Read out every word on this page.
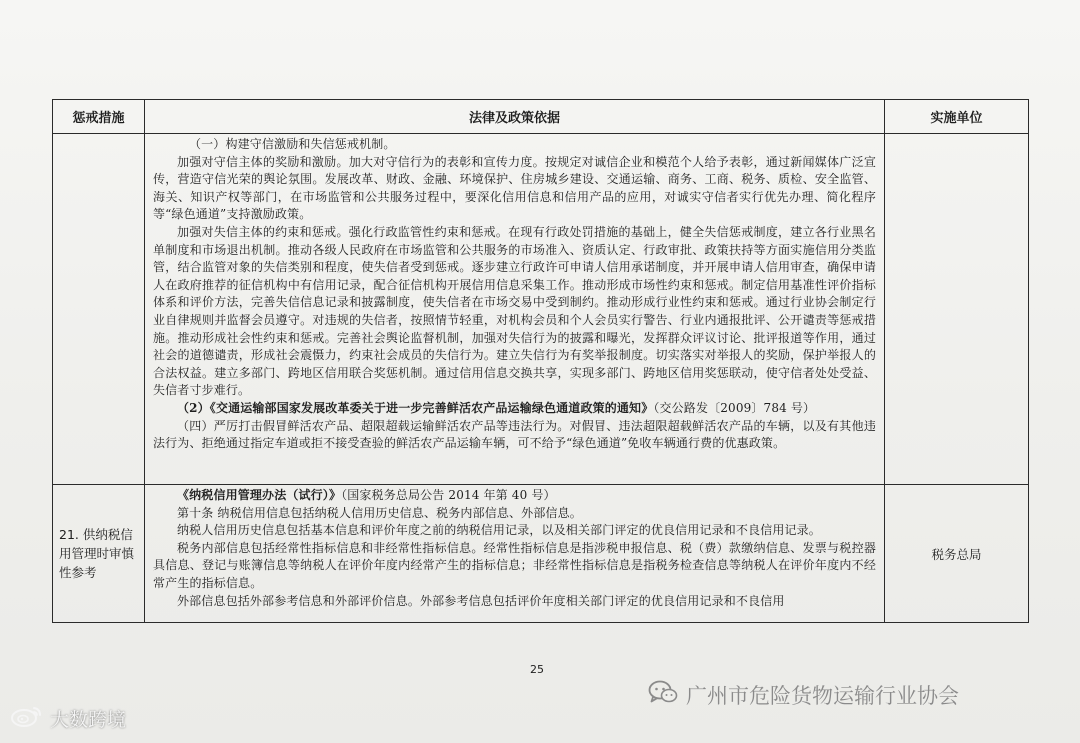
惩戒措施	法律及政策依据	实施单位

	（一）构建守信激励和失信惩戒机制。

加强对守信主体的奖励和激励。加大对守信行为的表彰和宣传力度。按规定对诚信企业和模范个人给予表彰，通过新闻媒体广泛宣传，营造守信光荣的舆论氛围。发展改革、财政、金融、环境保护、住房城乡建设、交通运输、商务、工商、税务、质检、安全监管、海关、知识产权等部门，在市场监管和公共服务过程中，要深化信用信息和信用产品的应用，对诚实守信者实行优先办理、简化程序等“绿色通道”支持激励政策。

加强对失信主体的约束和惩戒。强化行政监管性约束和惩戒。在现有行政处罚措施的基础上，健全失信惩戒制度，建立各行业黑名单制度和市场退出机制。推动各级人民政府在市场监管和公共服务的市场准入、资质认定、行政审批、政策扶持等方面实施信用分类监管，结合监管对象的失信类别和程度，使失信者受到惩戒。逐步建立行政许可申请人信用承诺制度，并开展申请人信用审查，确保申请人在政府推荐的征信机构中有信用记录，配合征信机构开展信用信息采集工作。推动形成市场性约束和惩戒。制定信用基准性评价指标体系和评价方法，完善失信信息记录和披露制度，使失信者在市场交易中受到制约。推动形成行业性约束和惩戒。通过行业协会制定行业自律规则并监督会员遵守。对违规的失信者，按照情节轻重，对机构会员和个人会员实行警告、行业内通报批评、公开谴责等惩戒措施。推动形成社会性约束和惩戒。完善社会舆论监督机制，加强对失信行为的披露和曝光，发挥群众评议讨论、批评报道等作用，通过社会的道德谴责，形成社会震慑力，约束社会成员的失信行为。建立失信行为有奖举报制度。切实落实对举报人的奖励，保护举报人的合法权益。建立多部门、跨地区信用联合奖惩机制。通过信用信息交换共享，实现多部门、跨地区信用奖惩联动，使守信者处处受益、失信者寸步难行。

（2）《交通运输部国家发展改革委关于进一步完善鲜活农产品运输绿色通道政策的通知》（交公路发〔2009〕784 号）

（四）严厉打击假冒鲜活农产品、超限超载运输鲜活农产品等违法行为。对假冒、违法超限超载鲜活农产品的车辆，以及有其他违法行为、拒绝通过指定车道或拒不接受查验的鲜活农产品运输车辆，可不给予“绿色通道”免收车辆通行费的优惠政策。	

21. 供纳税信用管理时审慎性参考	《纳税信用管理办法（试行）》（国家税务总局公告 2014 年第 40 号）

第十条 纳税信用信息包括纳税人信用历史信息、税务内部信息、外部信息。

纳税人信用历史信息包括基本信息和评价年度之前的纳税信用记录，以及相关部门评定的优良信用记录和不良信用记录。

税务内部信息包括经常性指标信息和非经常性指标信息。经常性指标信息是指涉税申报信息、税（费）款缴纳信息、发票与税控器具信息、登记与账簿信息等纳税人在评价年度内经常产生的指标信息；非经常性指标信息是指税务检查信息等纳税人在评价年度内不经常产生的指标信息。

外部信息包括外部参考信息和外部评价信息。外部参考信息包括评价年度相关部门评定的优良信用记录和不良信用	税务总局
25
广州市危险货物运输行业协会
大数跨境
